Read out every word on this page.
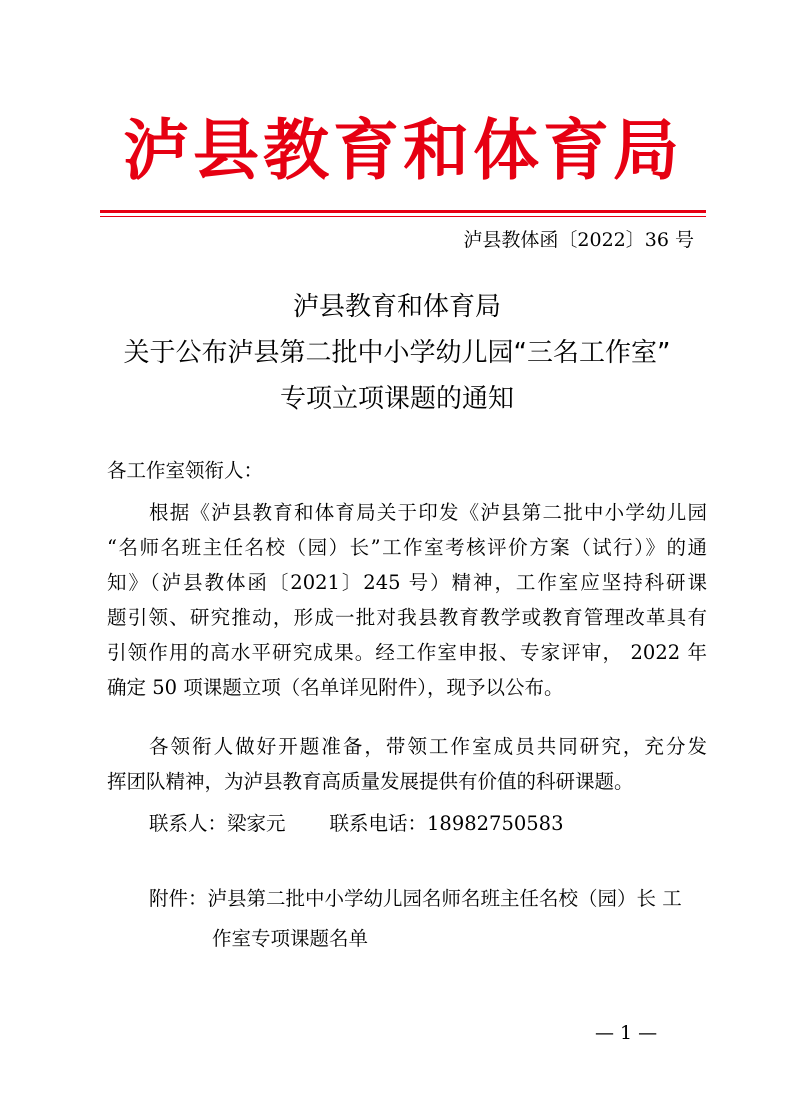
泸县教育和体育局
泸县教体函〔2022〕36 号
泸县教育和体育局
关于公布泸县第二批中小学幼儿园“三名工作室”
专项立项课题的通知
各工作室领衔人：
根据《泸县教育和体育局关于印发《泸县第二批中小学幼儿园
“名师名班主任名校（园）长”工作室考核评价方案（试行）》的通
知》（泸县教体函〔2021〕245 号）精神，工作室应坚持科研课
题引领、研究推动，形成一批对我县教育教学或教育管理改革具有
引领作用的高水平研究成果。经工作室申报、专家评审， 2022 年
确定 50 项课题立项（名单详见附件），现予以公布。
各领衔人做好开题准备，带领工作室成员共同研究，充分发
挥团队精神，为泸县教育高质量发展提供有价值的科研课题。
联系人：梁家元 联系电话：18982750583
附件：泸县第二批中小学幼儿园名师名班主任名校（园）长 工
作室专项课题名单
— 1 —
